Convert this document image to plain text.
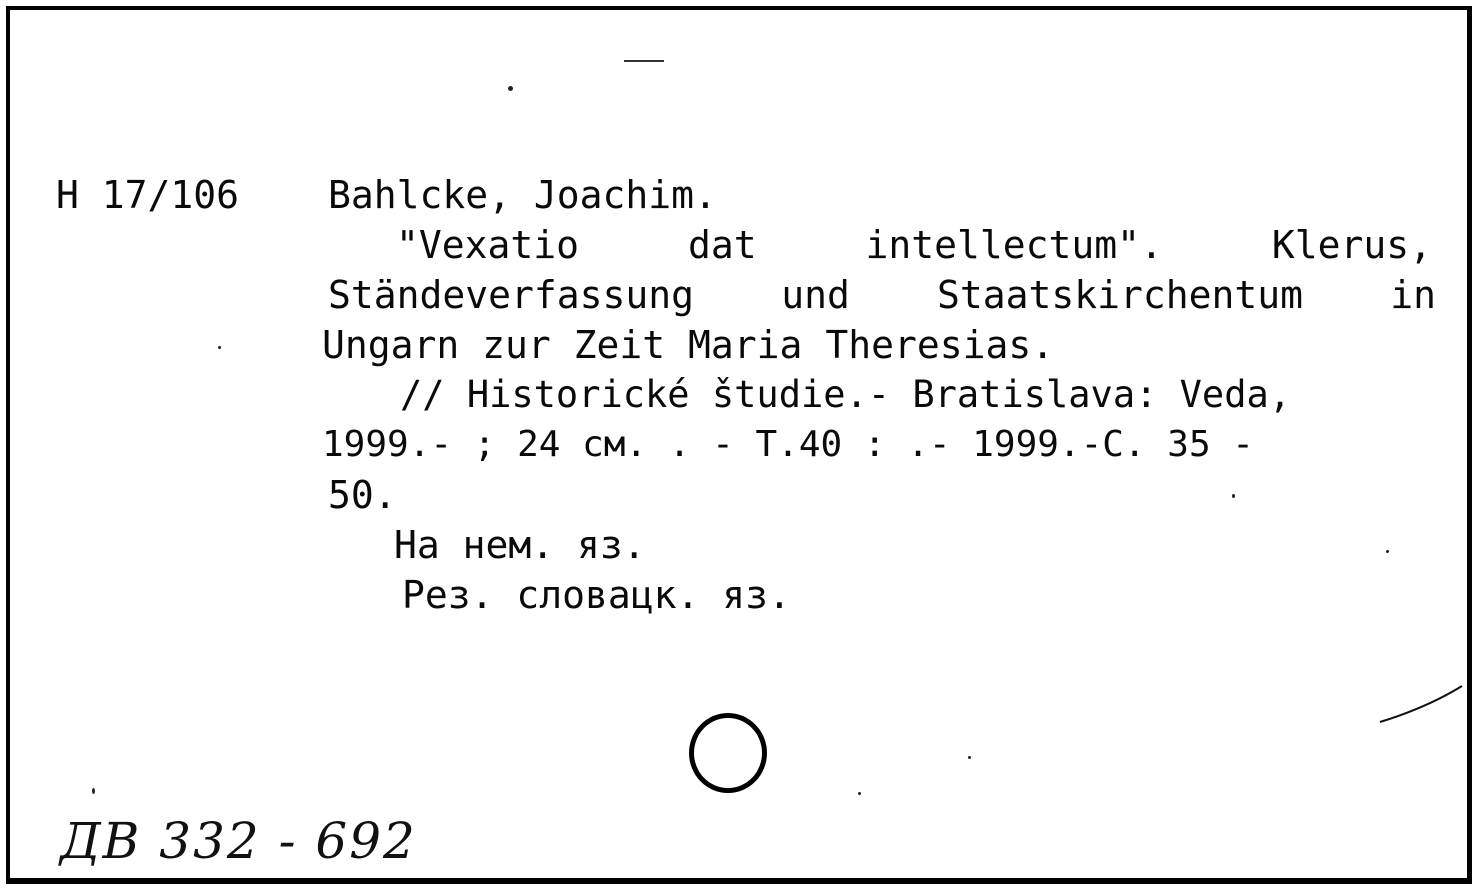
H 17/106 Bahlcke, Joachim.
"Vexatio	dat	intellectum".	Klerus,
Ständeverfassung und Staatskirchentum in
Ungarn zur Zeit Maria Theresias.
// Historické študie.- Bratislava: Veda,
1999.- ; 24 см. . - T.40 : .- 1999.-C. 35 -
50.
На нем. яз.
Рез. словацк. яз.
ДВ 332 - 692
